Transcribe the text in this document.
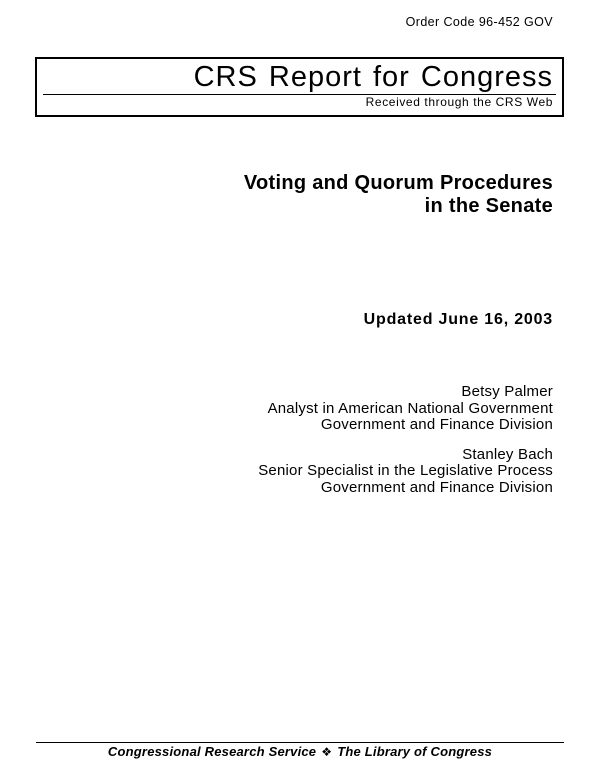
Order Code 96-452 GOV
CRS Report for Congress
Received through the CRS Web
Voting and Quorum Procedures
in the Senate
Updated June 16, 2003
Betsy Palmer
Analyst in American National Government
Government and Finance Division
Stanley Bach
Senior Specialist in the Legislative Process
Government and Finance Division
Congressional Research Service ❖ The Library of Congress
